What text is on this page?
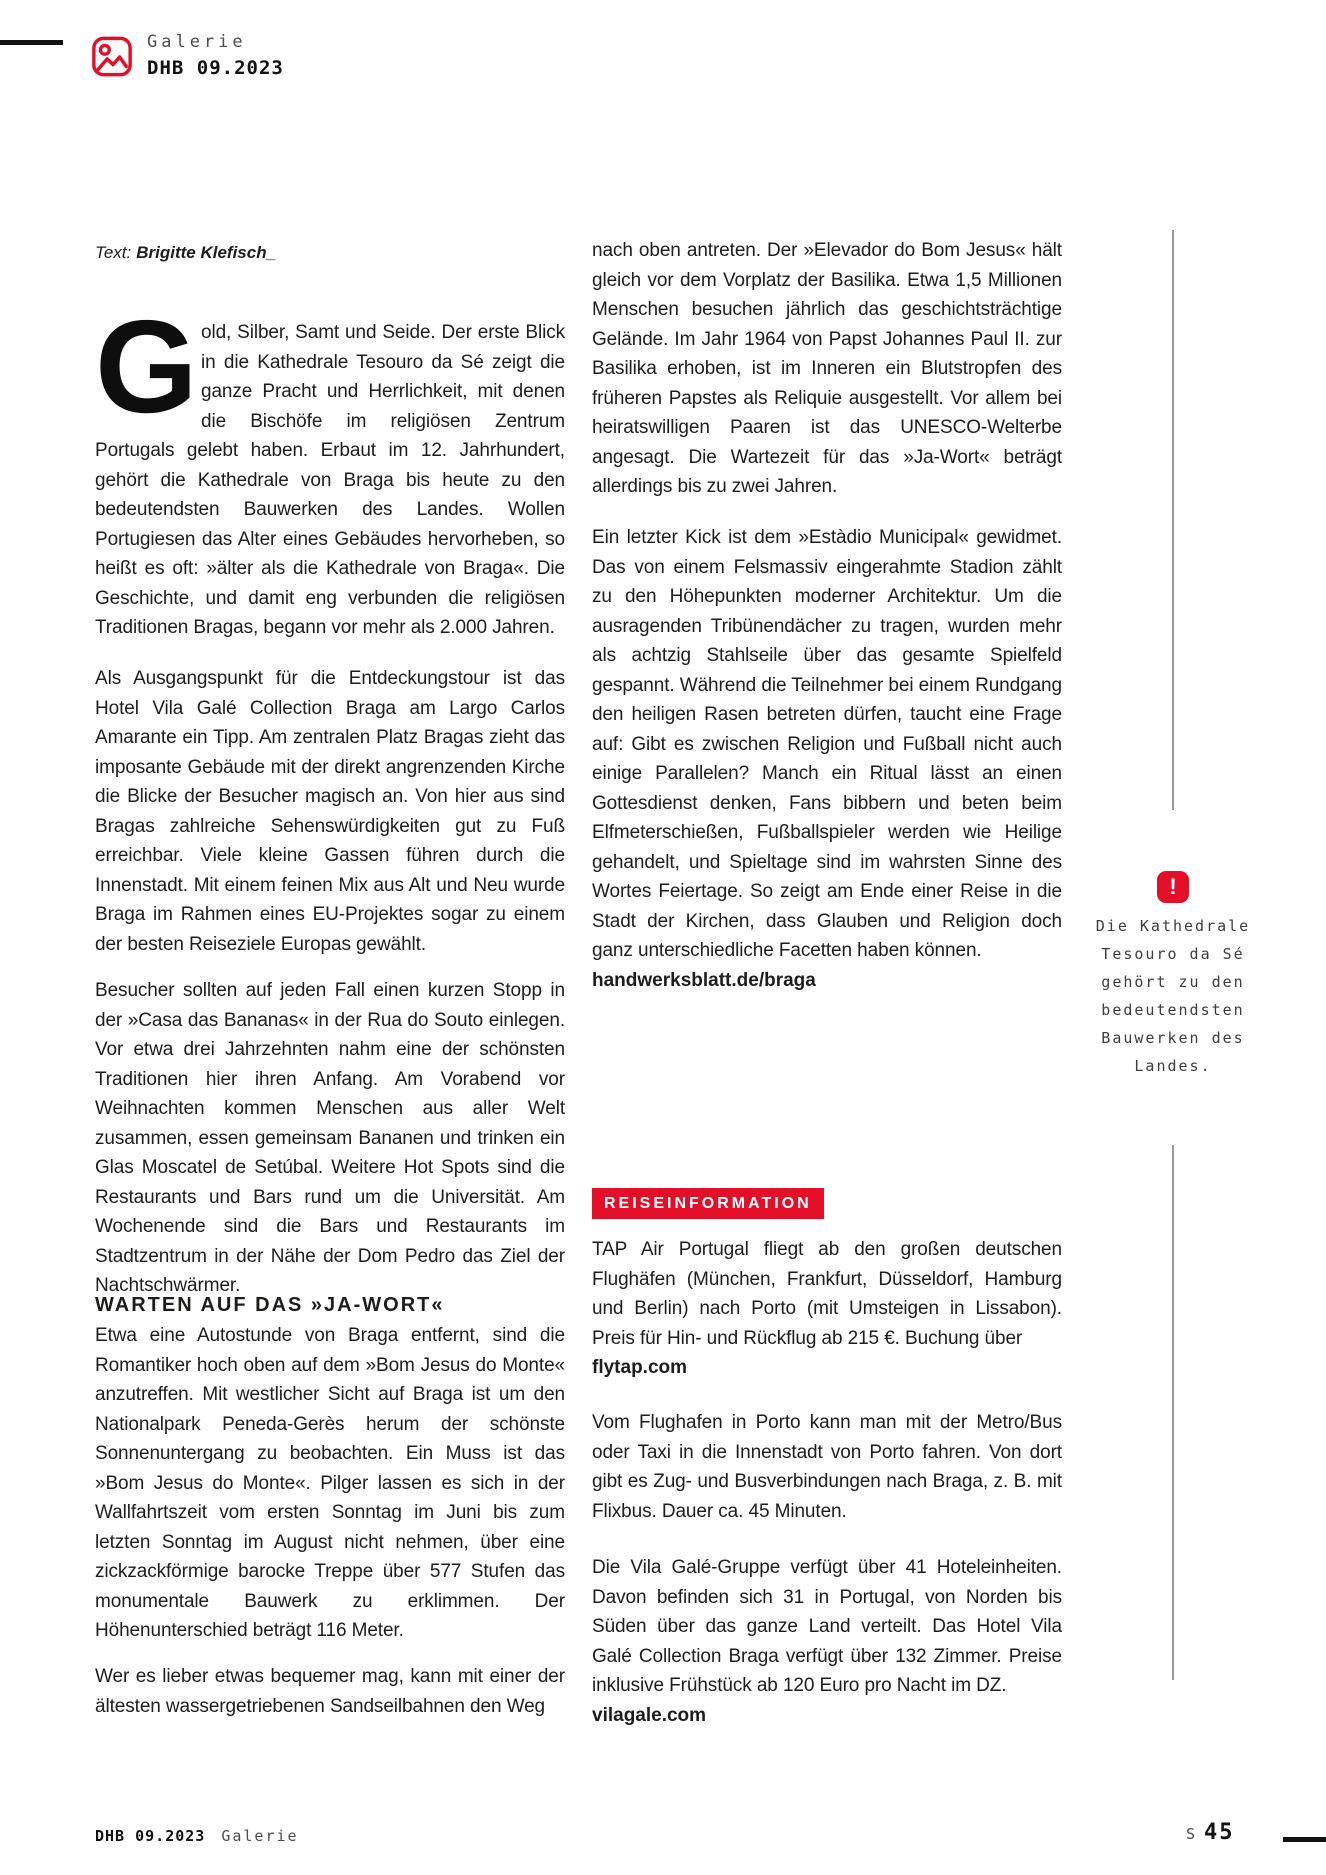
Galerie
DHB 09.2023
Text: Brigitte Klefisch_

Gold, Silber, Samt und Seide. Der erste Blick in die Kathedrale Tesouro da Sé zeigt die ganze Pracht und Herrlichkeit, mit denen die Bischöfe im religiösen Zentrum Portugals gelebt haben. Erbaut im 12. Jahrhundert, gehört die Kathedrale von Braga bis heute zu den bedeutendsten Bauwerken des Landes. Wollen Portugiesen das Alter eines Gebäudes hervorheben, so heißt es oft: »älter als die Kathedrale von Braga«. Die Geschichte, und damit eng verbunden die religiösen Traditionen Bragas, begann vor mehr als 2.000 Jahren.

Als Ausgangspunkt für die Entdeckungstour ist das Hotel Vila Galé Collection Braga am Largo Carlos Amarante ein Tipp. Am zentralen Platz Bragas zieht das imposante Gebäude mit der direkt angrenzenden Kirche die Blicke der Besucher magisch an. Von hier aus sind Bragas zahlreiche Sehenswürdigkeiten gut zu Fuß erreichbar. Viele kleine Gassen führen durch die Innenstadt. Mit einem feinen Mix aus Alt und Neu wurde Braga im Rahmen eines EU-Projektes sogar zu einem der besten Reiseziele Europas gewählt.

Besucher sollten auf jeden Fall einen kurzen Stopp in der »Casa das Bananas« in der Rua do Souto einlegen. Vor etwa drei Jahrzehnten nahm eine der schönsten Traditionen hier ihren Anfang. Am Vorabend vor Weihnachten kommen Menschen aus aller Welt zusammen, essen gemeinsam Bananen und trinken ein Glas Moscatel de Setúbal. Weitere Hot Spots sind die Restaurants und Bars rund um die Universität. Am Wochenende sind die Bars und Restaurants im Stadtzentrum in der Nähe der Dom Pedro das Ziel der Nachtschwärmer.

WARTEN AUF DAS »JA-WORT«

Etwa eine Autostunde von Braga entfernt, sind die Romantiker hoch oben auf dem »Bom Jesus do Monte« anzutreffen. Mit westlicher Sicht auf Braga ist um den Nationalpark Peneda-Gerès herum der schönste Sonnenuntergang zu beobachten. Ein Muss ist das »Bom Jesus do Monte«. Pilger lassen es sich in der Wallfahrtszeit vom ersten Sonntag im Juni bis zum letzten Sonntag im August nicht nehmen, über eine zickzackförmige barocke Treppe über 577 Stufen das monumentale Bauwerk zu erklimmen. Der Höhenunterschied beträgt 116 Meter.

Wer es lieber etwas bequemer mag, kann mit einer der ältesten wassergetriebenen Sandseilbahnen den Weg

nach oben antreten. Der »Elevador do Bom Jesus« hält gleich vor dem Vorplatz der Basilika. Etwa 1,5 Millionen Menschen besuchen jährlich das geschichtsträchtige Gelände. Im Jahr 1964 von Papst Johannes Paul II. zur Basilika erhoben, ist im Inneren ein Blutstropfen des früheren Papstes als Reliquie ausgestellt. Vor allem bei heiratswilligen Paaren ist das UNESCO-Welterbe angesagt. Die Wartezeit für das »Ja-Wort« beträgt allerdings bis zu zwei Jahren.

Ein letzter Kick ist dem »Estàdio Municipal« gewidmet. Das von einem Felsmassiv eingerahmte Stadion zählt zu den Höhepunkten moderner Architektur. Um die ausragenden Tribünendächer zu tragen, wurden mehr als achtzig Stahlseile über das gesamte Spielfeld gespannt. Während die Teilnehmer bei einem Rundgang den heiligen Rasen betreten dürfen, taucht eine Frage auf: Gibt es zwischen Religion und Fußball nicht auch einige Parallelen? Manch ein Ritual lässt an einen Gottesdienst denken, Fans bibbern und beten beim Elfmeterschießen, Fußballspieler werden wie Heilige gehandelt, und Spieltage sind im wahrsten Sinne des Wortes Feiertage. So zeigt am Ende einer Reise in die Stadt der Kirchen, dass Glauben und Religion doch ganz unterschiedliche Facetten haben können.

handwerksblatt.de/braga

REISEINFORMATION

TAP Air Portugal fliegt ab den großen deutschen Flughäfen (München, Frankfurt, Düsseldorf, Hamburg und Berlin) nach Porto (mit Umsteigen in Lissabon). Preis für Hin- und Rückflug ab 215 €. Buchung über

flytap.com

Vom Flughafen in Porto kann man mit der Metro/Bus oder Taxi in die Innenstadt von Porto fahren. Von dort gibt es Zug- und Busverbindungen nach Braga, z. B. mit Flixbus. Dauer ca. 45 Minuten.

Die Vila Galé-Gruppe verfügt über 41 Hoteleinheiten. Davon befinden sich 31 in Portugal, von Norden bis Süden über das ganze Land verteilt. Das Hotel Vila Galé Collection Braga verfügt über 132 Zimmer. Preise inklusive Frühstück ab 120 Euro pro Nacht im DZ.

vilagale.com

!
Die Kathedrale
Tesouro da Sé
gehört zu den
bedeutendsten
Bauwerken des
Landes.
DHB 09.2023 Galerie	S 45
